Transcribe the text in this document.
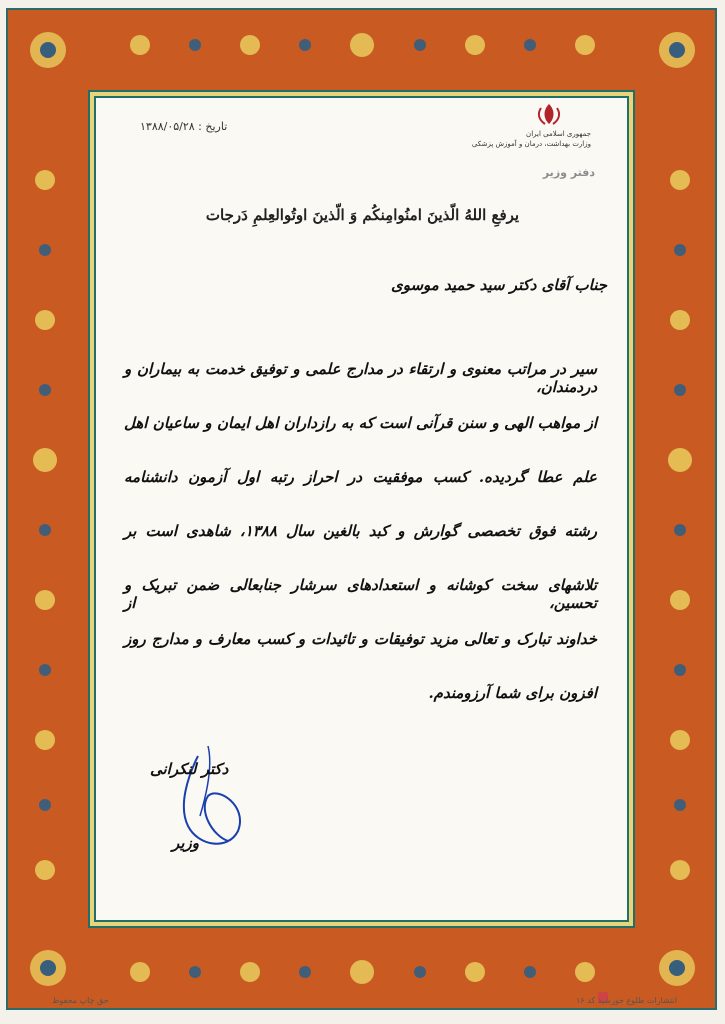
جمهوری اسلامی ایران
وزارت بهداشت، درمان و آموزش پزشکی
تاریخ : ۱۳۸۸/۰۵/۲۸
دفتر وزیر
یرفعِ اللهُ الّذینَ امنُوامِنکُم وَ الّذینَ اوتُوالعِلمِ دَرجات
جناب آقای دکتر سید حمید موسوی
سیر در مراتب معنوی و ارتقاء در مدارج علمی و توفیق خدمت به بیماران و دردمندان،
از مواهب الهی و سنن قرآنی است که به رازداران اهل ایمان و ساعیان اهل
علم عطا گردیده. کسب موفقیت در احراز رتبه اول آزمون دانشنامه
رشته فوق تخصصی گوارش و کبد بالغین سال ۱۳۸۸، شاهدی است بر
تلاشهای سخت کوشانه و استعدادهای سرشار جنابعالی ضمن تبریک و تحسین، از
خداوند تبارک و تعالی مزید توفیقات و تائیدات و کسب معارف و مدارج روز
افزون برای شما آرزومندم.
دکتر لنکرانی
وزیر
حق چاپ محفوظ	انتشارات طلوع خورشید کد ۱۶
